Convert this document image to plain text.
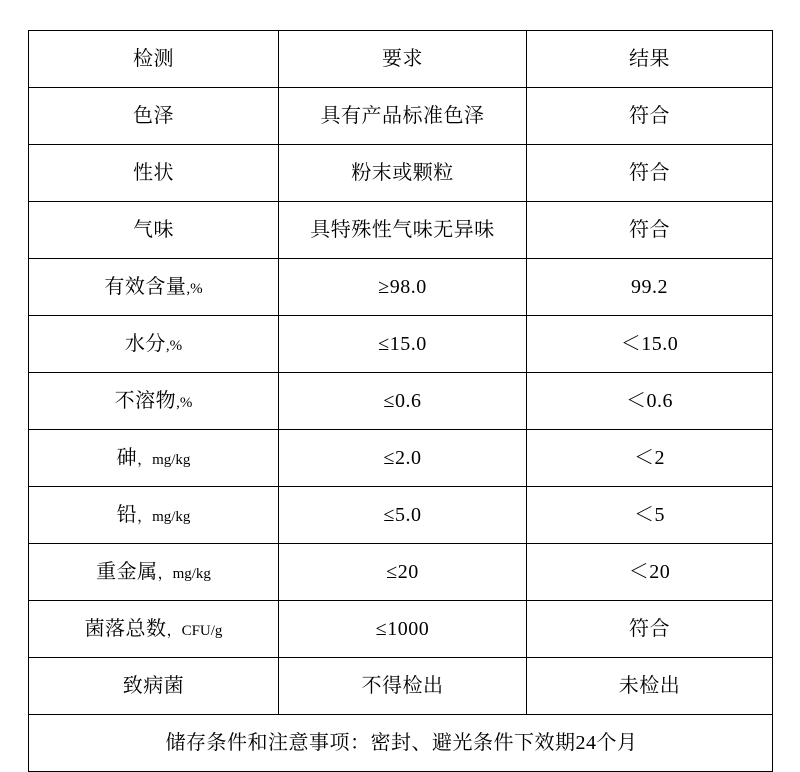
检测	要求	结果

色泽	具有产品标准色泽	符合

性状	粉末或颗粒	符合

气味	具特殊性气味无异味	符合

有效含量,%	≥98.0	99.2

水分,%	≤15.0	＜15.0

不溶物,%	≤0.6	＜0.6

砷，mg/kg	≤2.0	＜2

铅，mg/kg	≤5.0	＜5

重金属，mg/kg	≤20	＜20

菌落总数，CFU/g	≤1000	符合

致病菌	不得检出	未检出

储存条件和注意事项：密封、避光条件下效期24个月		
